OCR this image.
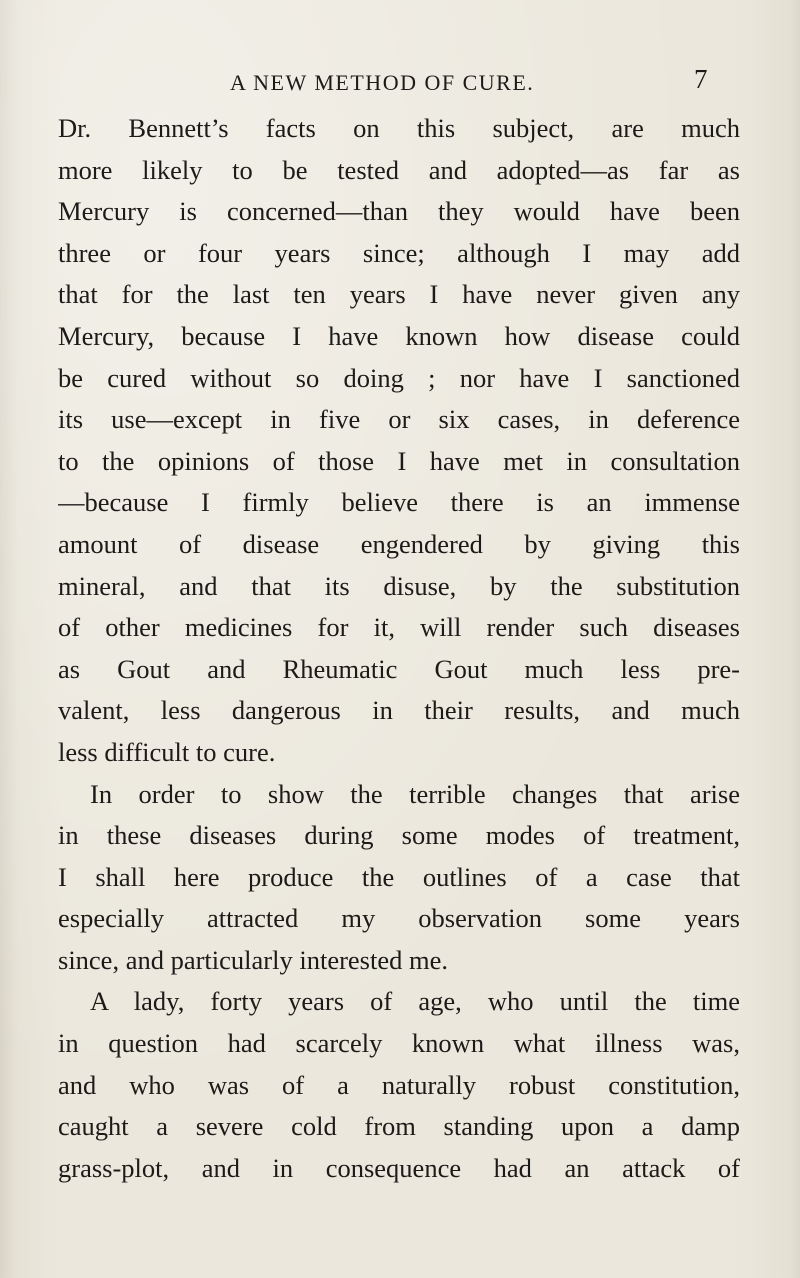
A NEW METHOD OF CURE.	7
Dr. Bennett’s facts on this subject, are much
more likely to be tested and adopted—as far as
Mercury is concerned—than they would have been
three or four years since; although I may add
that for the last ten years I have never given any
Mercury, because I have known how disease could
be cured without so doing ; nor have I sanctioned
its use—except in five or six cases, in deference
to the opinions of those I have met in consultation
—because I firmly believe there is an immense
amount of disease engendered by giving this
mineral, and that its disuse, by the substitution
of other medicines for it, will render such diseases
as Gout and Rheumatic Gout much less pre-
valent, less dangerous in their results, and much
less difficult to cure.
In order to show the terrible changes that arise
in these diseases during some modes of treatment,
I shall here produce the outlines of a case that
especially attracted my observation some years
since, and particularly interested me.
A lady, forty years of age, who until the time
in question had scarcely known what illness was,
and who was of a naturally robust constitution,
caught a severe cold from standing upon a damp
grass-plot, and in consequence had an attack of
